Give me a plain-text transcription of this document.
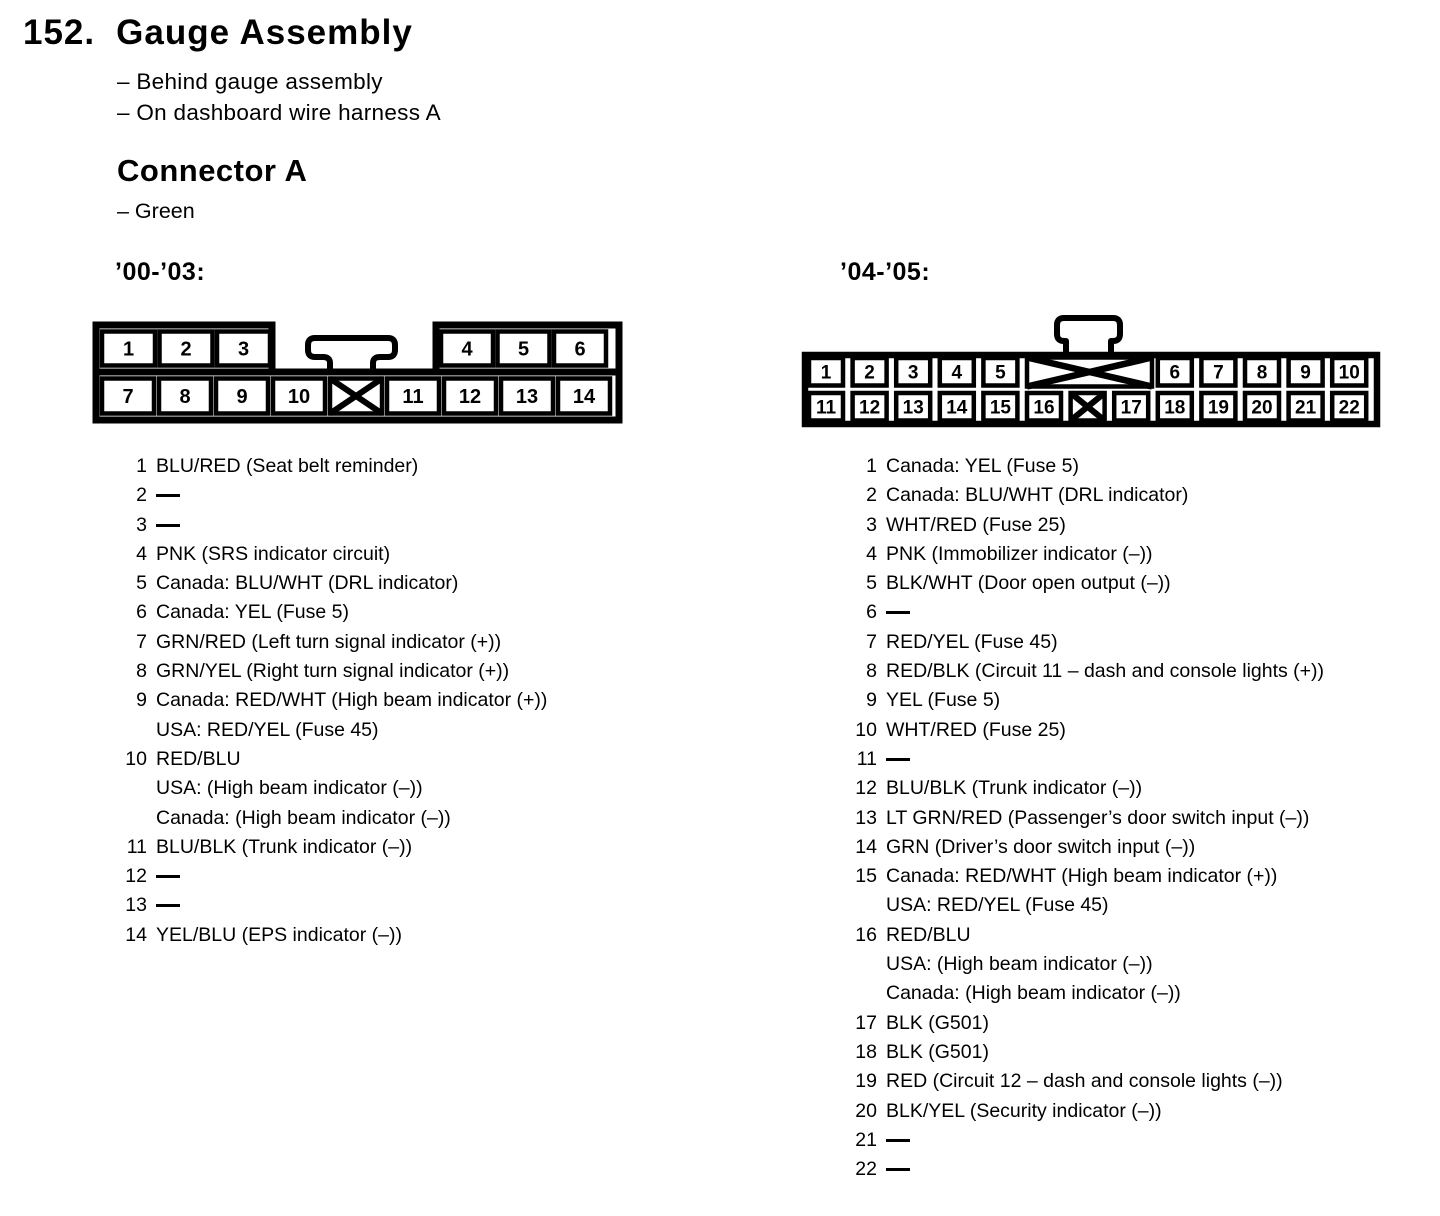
152. Gauge Assembly
– Behind gauge assembly
– On dashboard wire harness A
Connector A
– Green
’00-’03:	’04-’05:
1 2 3	4 5 6
7 8 9 10	11 12 13 14
1 2 3 4 5	6 7 8 9 10
11 12 13 14 15 16	17 18 19 20 21 22
1 BLU/RED (Seat belt reminder)
2
3
4 PNK (SRS indicator circuit)
5 Canada: BLU/WHT (DRL indicator)
6 Canada: YEL (Fuse 5)
7 GRN/RED (Left turn signal indicator (+))
8 GRN/YEL (Right turn signal indicator (+))
9 Canada: RED/WHT (High beam indicator (+))
USA: RED/YEL (Fuse 45)
10 RED/BLU
USA: (High beam indicator (–))
Canada: (High beam indicator (–))
11 BLU/BLK (Trunk indicator (–))
12
13
14 YEL/BLU (EPS indicator (–))
1 Canada: YEL (Fuse 5)
2 Canada: BLU/WHT (DRL indicator)
3 WHT/RED (Fuse 25)
4 PNK (Immobilizer indicator (–))
5 BLK/WHT (Door open output (–))
6
7 RED/YEL (Fuse 45)
8 RED/BLK (Circuit 11 – dash and console lights (+))
9 YEL (Fuse 5)
10 WHT/RED (Fuse 25)
11
12 BLU/BLK (Trunk indicator (–))
13 LT GRN/RED (Passenger’s door switch input (–))
14 GRN (Driver’s door switch input (–))
15 Canada: RED/WHT (High beam indicator (+))
USA: RED/YEL (Fuse 45)
16 RED/BLU
USA: (High beam indicator (–))
Canada: (High beam indicator (–))
17 BLK (G501)
18 BLK (G501)
19 RED (Circuit 12 – dash and console lights (–))
20 BLK/YEL (Security indicator (–))
21
22
